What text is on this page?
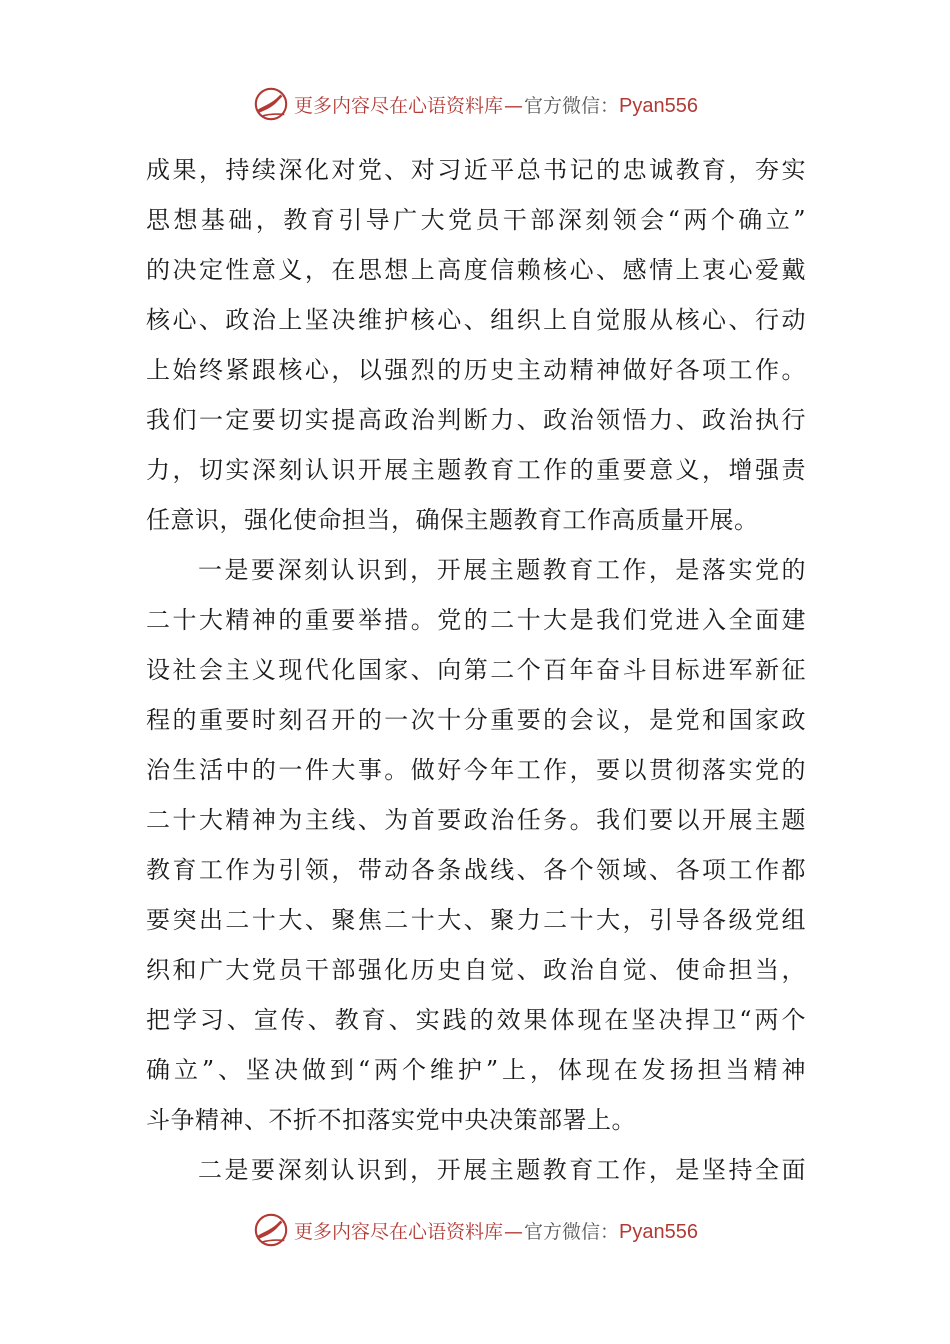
更多内容尽在心语资料库 — 官方微信： Pyan556
成果，持续深化对党、对习近平总书记的忠诚教育，夯实
思想基础，教育引导广大党员干部深刻领会“两个确立”
的决定性意义，在思想上高度信赖核心、感情上衷心爱戴
核心、政治上坚决维护核心、组织上自觉服从核心、行动
上始终紧跟核心，以强烈的历史主动精神做好各项工作。
我们一定要切实提高政治判断力、政治领悟力、政治执行
力，切实深刻认识开展主题教育工作的重要意义，增强责
任意识，强化使命担当，确保主题教育工作高质量开展。
一是要深刻认识到，开展主题教育工作，是落实党的
二十大精神的重要举措。党的二十大是我们党进入全面建
设社会主义现代化国家、向第二个百年奋斗目标进军新征
程的重要时刻召开的一次十分重要的会议，是党和国家政
治生活中的一件大事。做好今年工作，要以贯彻落实党的
二十大精神为主线、为首要政治任务。我们要以开展主题
教育工作为引领，带动各条战线、各个领域、各项工作都
要突出二十大、聚焦二十大、聚力二十大，引导各级党组
织和广大党员干部强化历史自觉、政治自觉、使命担当，
把学习、宣传、教育、实践的效果体现在坚决捍卫“两个
确立”、坚决做到“两个维护”上，体现在发扬担当精神
斗争精神、不折不扣落实党中央决策部署上。
二是要深刻认识到，开展主题教育工作，是坚持全面
更多内容尽在心语资料库 — 官方微信： Pyan556
